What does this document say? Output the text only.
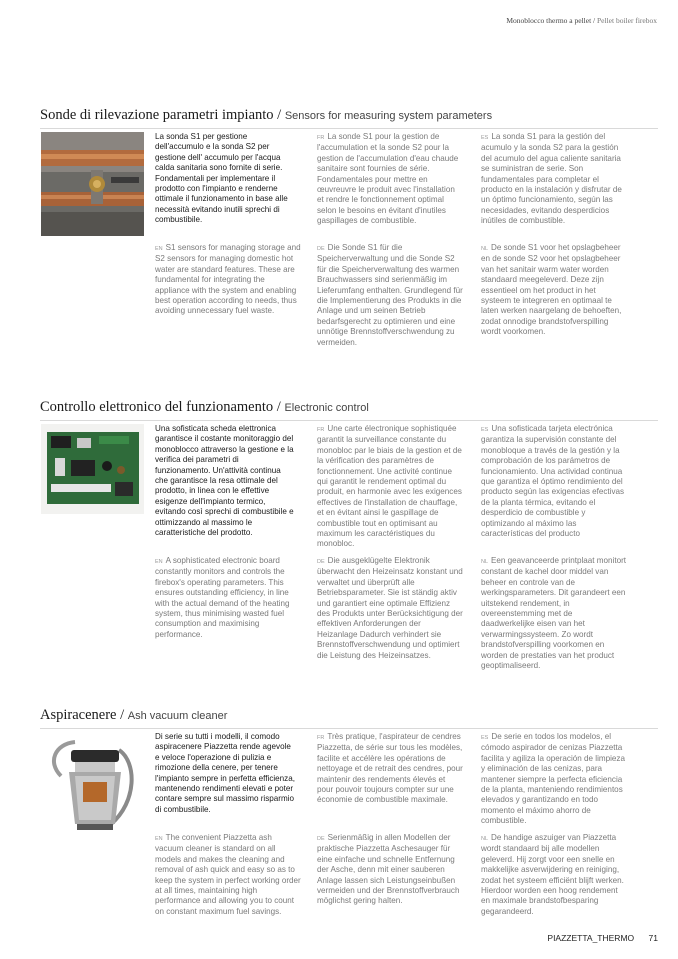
Monoblocco thermo a pellet / Pellet boiler firebox
Sonde di rilevazione parametri impianto / Sensors for measuring system parameters
La sonda S1 per gestione dell'accumulo e la sonda S2 per gestione dell' accumulo per l'acqua calda sanitaria sono fornite di serie. Fondamentali per implementare il prodotto con l'impianto e renderne ottimale il funzionamento in base alle necessità evitando inutili sprechi di combustibile.
FR La sonde S1 pour la gestion de l'accumulation et la sonde S2 pour la gestion de l'accumulation d'eau chaude sanitaire sont fournies de série. Fondamentales pour mettre en œuvreuvre le produit avec l'installation et rendre le fonctionnement optimal selon le besoins en évitant d'inutiles gaspillages de combustible.
ES La sonda S1 para la gestión del acumulo y la sonda S2 para la gestión del acumulo del agua caliente sanitaria se suministran de serie. Son fundamentales para completar el producto en la instalación y disfrutar de un óptimo funcionamiento, según las necesidades, evitando desperdicios inútiles de combustible.
EN S1 sensors for managing storage and S2 sensors for managing domestic hot water are standard features. These are fundamental for integrating the appliance with the system and enabling best operation according to needs, thus avoiding unnecessary fuel waste.
DE Die Sonde S1 für die Speicherverwaltung und die Sonde S2 für die Speicherverwaltung des warmen Brauchwassers sind serienmäßig im Lieferumfang enthalten. Grundlegend für die Implementierung des Produkts in die Anlage und um seinen Betrieb bedarfsgerecht zu optimieren und eine unnötige Brennstoffverschwendung zu vermeiden.
NL De sonde S1 voor het opslagbeheer en de sonde S2 voor het opslagbeheer van het sanitair warm water worden standaard meegeleverd. Deze zijn essentieel om het product in het systeem te integreren en optimaal te laten werken naargelang de behoeften, zodat onnodige brandstofverspilling wordt voorkomen.
Controllo elettronico del funzionamento / Electronic control
Una sofisticata scheda elettronica garantisce il costante monitoraggio del monoblocco attraverso la gestione e la verifica dei parametri di funzionamento. Un'attività continua che garantisce la resa ottimale del prodotto, in linea con le effettive esigenze dell'impianto termico, evitando così sprechi di combustibile e ottimizzando al massimo le caratteristiche del prodotto.
FR Une carte électronique sophistiquée garantit la surveillance constante du monobloc par le biais de la gestion et de la vérification des paramètres de fonctionnement. Une activité continue qui garantit le rendement optimal du produit, en harmonie avec les exigences effectives de l'installation de chauffage, et en évitant ainsi le gaspillage de combustible tout en optimisant au maximum les caractéristiques du monobloc.
ES Una sofisticada tarjeta electrónica garantiza la supervisión constante del monobloque a través de la gestión y la comprobación de los parámetros de funcionamiento. Una actividad continua que garantiza el óptimo rendimiento del producto según las exigencias efectivas de la planta térmica, evitando el desperdicio de combustible y optimizando al máximo las características del producto
EN A sophisticated electronic board constantly monitors and controls the firebox's operating parameters. This ensures outstanding efficiency, in line with the actual demand of the heating system, thus minimising wasted fuel consumption and maximising performance.
DE Die ausgeklügelte Elektronik überwacht den Heizeinsatz konstant und verwaltet und überprüft alle Betriebsparameter. Sie ist ständig aktiv und garantiert eine optimale Effizienz des Produkts unter Berücksichtigung der effektiven Anforderungen der Heizanlage Dadurch verhindert sie Brennstoffverschwendung und optimiert die Leistung des Heizeinsatzes.
NL Een geavanceerde printplaat monitort constant de kachel door middel van beheer en controle van de werkingsparameters. Dit garandeert een uitstekend rendement, in overeenstemming met de daadwerkelijke eisen van het verwarmingssysteem. Zo wordt brandstofverspilling voorkomen en worden de prestaties van het product geoptimaliseerd.
Aspiracenere / Ash vacuum cleaner
Di serie su tutti i modelli, il comodo aspiracenere Piazzetta rende agevole e veloce l'operazione di pulizia e rimozione della cenere, per tenere l'impianto sempre in perfetta efficienza, mantenendo rendimenti elevati e poter contare sempre sul massimo risparmio di combustibile.
FR Très pratique, l'aspirateur de cendres Piazzetta, de série sur tous les modèles, facilite et accélère les opérations de nettoyage et de retrait des cendres, pour maintenir des rendements élevés et pour pouvoir toujours compter sur une économie de combustible maximale.
ES De serie en todos los modelos, el cómodo aspirador de cenizas Piazzetta facilita y agiliza la operación de limpieza y eliminación de las cenizas, para mantener siempre la perfecta eficiencia de la planta, manteniendo rendimientos elevados y garantizando en todo momento el máximo ahorro de combustible.
EN The convenient Piazzetta ash vacuum cleaner is standard on all models and makes the cleaning and removal of ash quick and easy so as to keep the system in perfect working order at all times, maintaining high performance and allowing you to count on constant maximum fuel savings.
DE Serienmäßig in allen Modellen der praktische Piazzetta Aschesauger für eine einfache und schnelle Entfernung der Asche, denn mit einer sauberen Anlage lassen sich Leistungseinbußen vermeiden und der Brennstoffverbrauch möglichst gering halten.
NL De handige aszuiger van Piazzetta wordt standaard bij alle modellen geleverd. Hij zorgt voor een snelle en makkelijke asverwijdering en reiniging, zodat het systeem efficiënt blijft werken. Hierdoor worden een hoog rendement en maximale brandstofbesparing gegarandeerd.
PIAZZETTA_THERMO 71
